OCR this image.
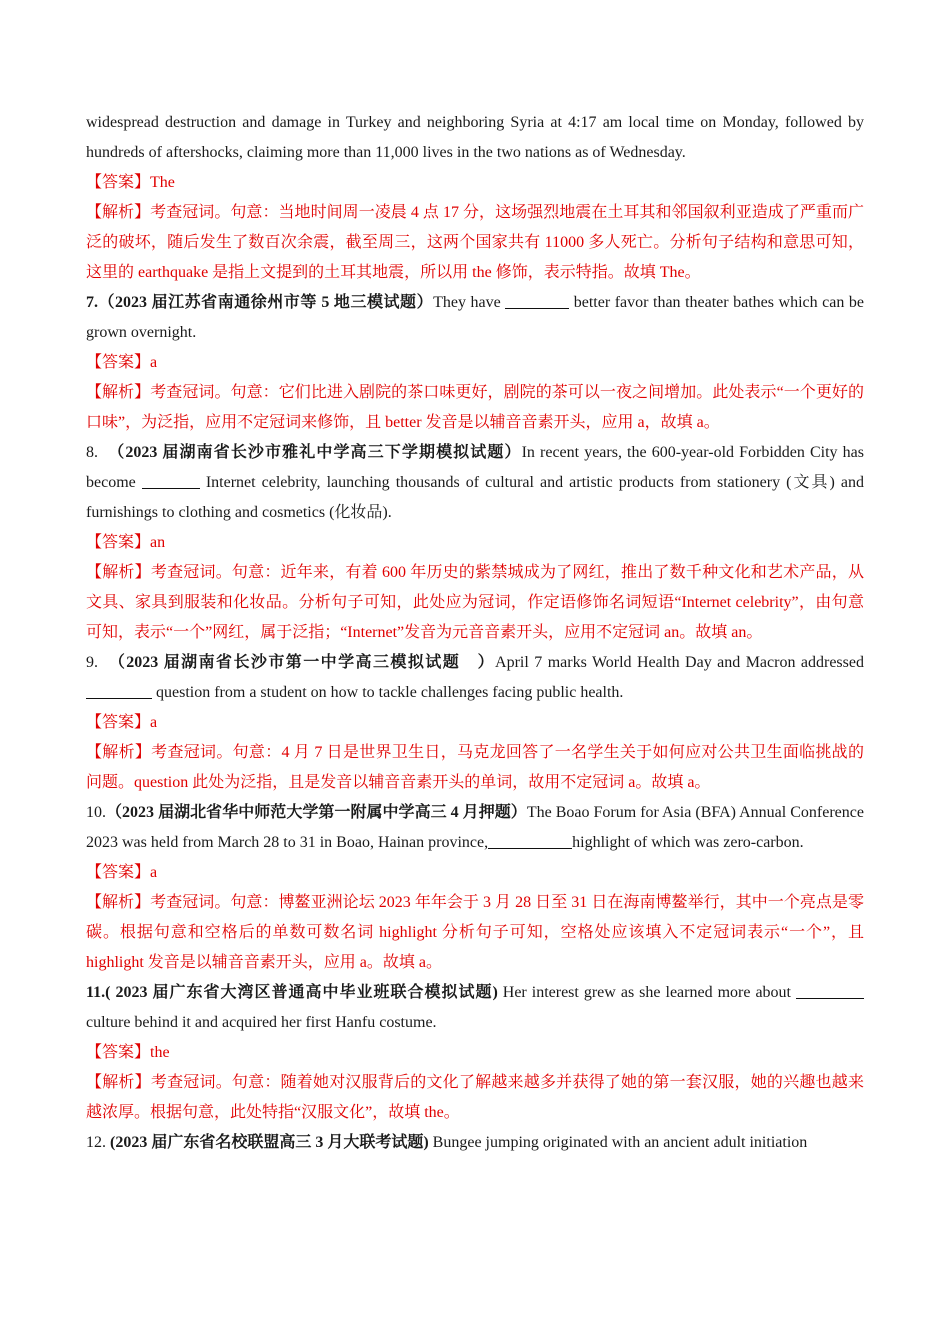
widespread destruction and damage in Turkey and neighboring Syria at 4:17 am local time on Monday, followed by hundreds of aftershocks, claiming more than 11,000 lives in the two nations as of Wednesday.

【答案】The

【解析】考查冠词。句意：当地时间周一凌晨 4 点 17 分，这场强烈地震在土耳其和邻国叙利亚造成了严重而广泛的破坏，随后发生了数百次余震，截至周三，这两个国家共有 11000 多人死亡。分析句子结构和意思可知，这里的 earthquake 是指上文提到的土耳其地震，所以用 the 修饰，表示特指。故填 The。

7.（2023 届江苏省南通徐州市等 5 地三模试题）They have	better favor than theater bathes which can be grown overnight.

【答案】a

【解析】考查冠词。句意：它们比进入剧院的茶口味更好，剧院的茶可以一夜之间增加。此处表示“一个更好的口味”，为泛指，应用不定冠词来修饰，且 better 发音是以辅音音素开头，应用 a，故填 a。

8.　（2023 届湖南省长沙市雅礼中学高三下学期模拟试题）In recent years, the 600-year-old Forbidden City has become	Internet celebrity, launching thousands of cultural and artistic products from stationery (文具) and furnishings to clothing and cosmetics (化妆品).

【答案】an

【解析】考查冠词。句意：近年来，有着 600 年历史的紫禁城成为了网红，推出了数千种文化和艺术产品，从文具、家具到服装和化妆品。分析句子可知，此处应为冠词，作定语修饰名词短语“Internet celebrity”，由句意可知，表示“一个”网红，属于泛指；“Internet”发音为元音音素开头，应用不定冠词 an。故填 an。

9.　（2023 届湖南省长沙市第一中学高三模拟试题　）April 7 marks World Health Day and Macron addressed  question from a student on how to tackle challenges facing public health.

【答案】a

【解析】考查冠词。句意：4 月 7 日是世界卫生日，马克龙回答了一名学生关于如何应对公共卫生面临挑战的问题。question 此处为泛指，且是发音以辅音音素开头的单词，故用不定冠词 a。故填 a。

10.（2023 届湖北省华中师范大学第一附属中学高三 4 月押题）The Boao Forum for Asia (BFA) Annual Conference 2023 was held from March 28 to 31 in Boao, Hainan province,	highlight of which was zero-carbon.

【答案】a

【解析】考查冠词。句意：博鳌亚洲论坛 2023 年年会于 3 月 28 日至 31 日在海南博鳌举行，其中一个亮点是零碳。根据句意和空格后的单数可数名词 highlight 分析句子可知，空格处应该填入不定冠词表示“一个”，且 highlight 发音是以辅音音素开头，应用 a。故填 a。

11.( 2023 届广东省大湾区普通高中毕业班联合模拟试题) Her interest grew as she learned more about  culture behind it and acquired her first Hanfu costume.

【答案】the

【解析】考查冠词。句意：随着她对汉服背后的文化了解越来越多并获得了她的第一套汉服，她的兴趣也越来越浓厚。根据句意，此处特指“汉服文化”，故填 the。

12. (2023 届广东省名校联盟高三 3 月大联考试题) Bungee jumping originated with an ancient adult initiation
